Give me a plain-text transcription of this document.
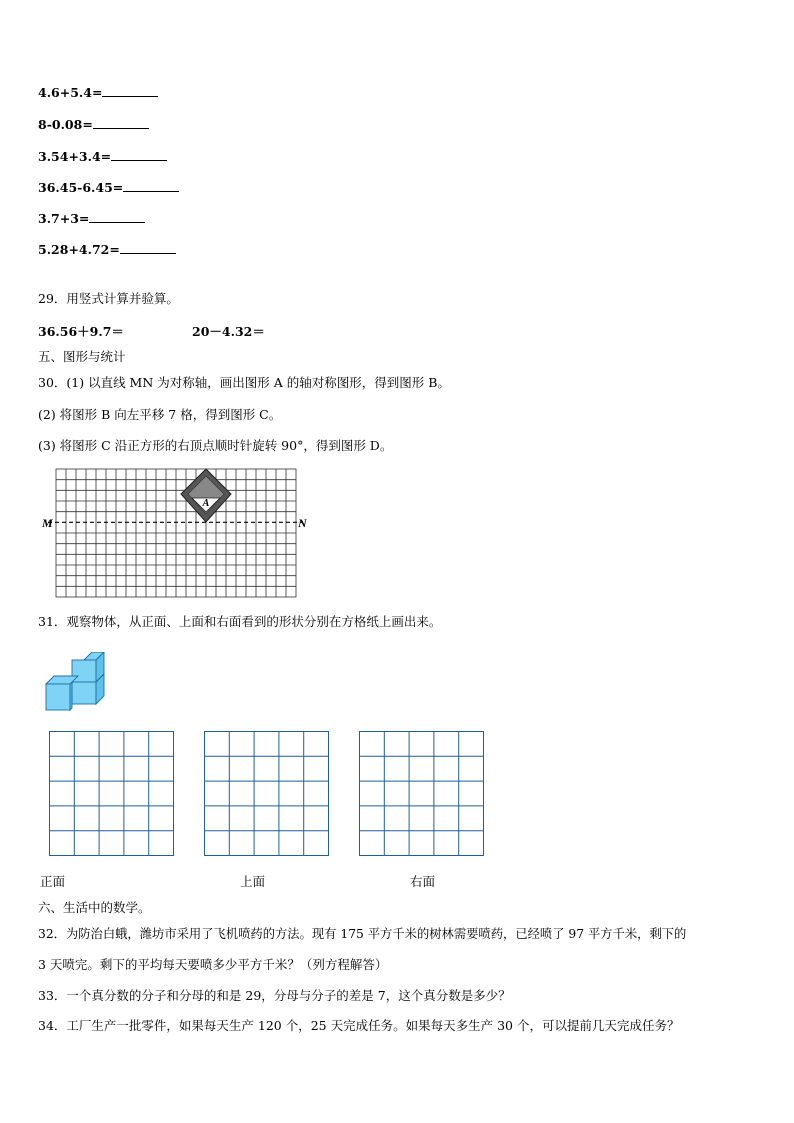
4.6+5.4=
8-0.08=
3.54+3.4=
36.45-6.45=
3.7+3=
5.28+4.72=
29．用竖式计算并验算。
36.56＋9.7＝	20－4.32＝
五、图形与统计
30．(1) 以直线 MN 为对称轴，画出图形 A 的轴对称图形，得到图形 B。
(2) 将图形 B 向左平移 7 格，得到图形 C。
(3) 将图形 C 沿正方形的右顶点顺时针旋转 90°，得到图形 D。
A
M	N
31．观察物体，从正面、上面和右面看到的形状分别在方格纸上画出来。
正面	上面	右面
六、生活中的数学。
32．为防治白蛾，潍坊市采用了飞机喷药的方法。现有 175 平方千米的树林需要喷药，已经喷了 97 平方千米，剩下的
3 天喷完。剩下的平均每天要喷多少平方千米？（列方程解答）
33．一个真分数的分子和分母的和是 29，分母与分子的差是 7，这个真分数是多少？
34．工厂生产一批零件，如果每天生产 120 个，25 天完成任务。如果每天多生产 30 个，可以提前几天完成任务？
